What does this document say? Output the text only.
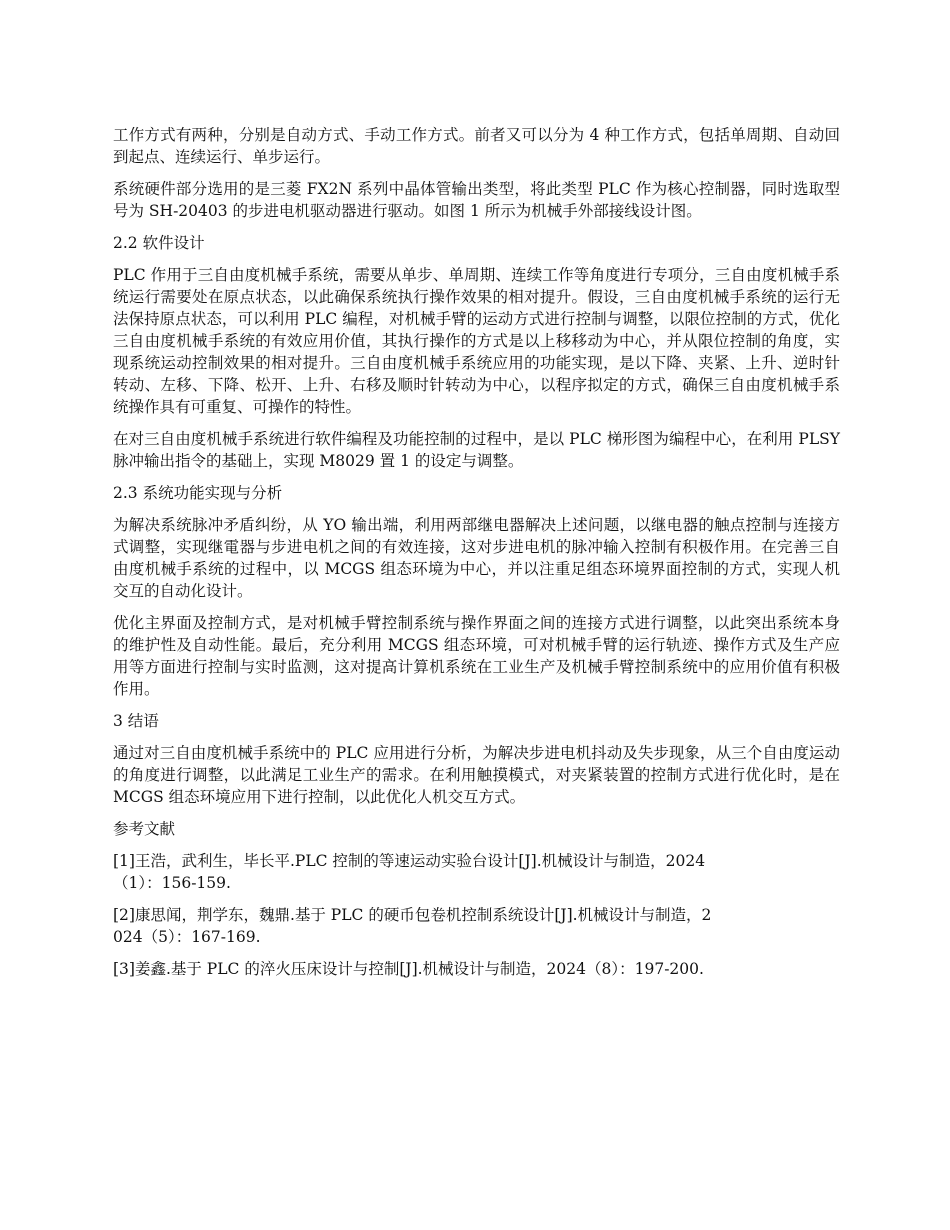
工作方式有两种，分别是自动方式、手动工作方式。前者又可以分为 4 种工作方式，包括单周期、自动回到起点、连续运行、单步运行。

系统硬件部分选用的是三菱 FX2N 系列中晶体管输出类型，将此类型 PLC 作为核心控制器，同时选取型号为 SH-20403 的步进电机驱动器进行驱动。如图 1 所示为机械手外部接线设计图。

2.2 软件设计

PLC 作用于三自由度机械手系统，需要从单步、单周期、连续工作等角度进行专项分，三自由度机械手系统运行需要处在原点状态，以此确保系统执行操作效果的相对提升。假设，三自由度机械手系统的运行无法保持原点状态，可以利用 PLC 编程，对机械手臂的运动方式进行控制与调整，以限位控制的方式，优化三自由度机械手系统的有效应用价值，其执行操作的方式是以上移移动为中心，并从限位控制的角度，实现系统运动控制效果的相对提升。三自由度机械手系统应用的功能实现，是以下降、夹紧、上升、逆时针转动、左移、下降、松开、上升、右移及顺时针转动为中心，以程序拟定的方式，确保三自由度机械手系统操作具有可重复、可操作的特性。

在对三自由度机械手系统进行软件编程及功能控制的过程中，是以 PLC 梯形图为编程中心，在利用 PLSY 脉冲输出指令的基础上，实现 M8029 置 1 的设定与调整。

2.3 系统功能实现与分析

为解决系统脉冲矛盾纠纷，从 YO 输出端，利用两部继电器解决上述问题，以继电器的触点控制与连接方式调整，实现继電器与步进电机之间的有效连接，这对步进电机的脉冲输入控制有积极作用。在完善三自由度机械手系统的过程中，以 MCGS 组态环境为中心，并以注重足组态环境界面控制的方式，实现人机交互的自动化设计。

优化主界面及控制方式，是对机械手臂控制系统与操作界面之间的连接方式进行调整，以此突出系统本身的维护性及自动性能。最后，充分利用 MCGS 组态环境，可对机械手臂的运行轨迹、操作方式及生产应用等方面进行控制与实时监测，这对提高计算机系统在工业生产及机械手臂控制系统中的应用价值有积极作用。

3 结语

通过对三自由度机械手系统中的 PLC 应用进行分析，为解决步进电机抖动及失步现象，从三个自由度运动的角度进行调整，以此满足工业生产的需求。在利用触摸模式，对夹紧装置的控制方式进行优化时，是在 MCGS 组态环境应用下进行控制，以此优化人机交互方式。

参考文献

[1]王浩，武利生，毕长平.PLC 控制的等速运动实验台设计[J].机械设计与制造，2024（1）：156-159.

[2]康思闻，荆学东，魏鼎.基于 PLC 的硬币包卷机控制系统设计[J].机械设计与制造，2024（5）：167-169.

[3]姜鑫.基于 PLC 的淬火压床设计与控制[J].机械设计与制造，2024（8）：197-200.
